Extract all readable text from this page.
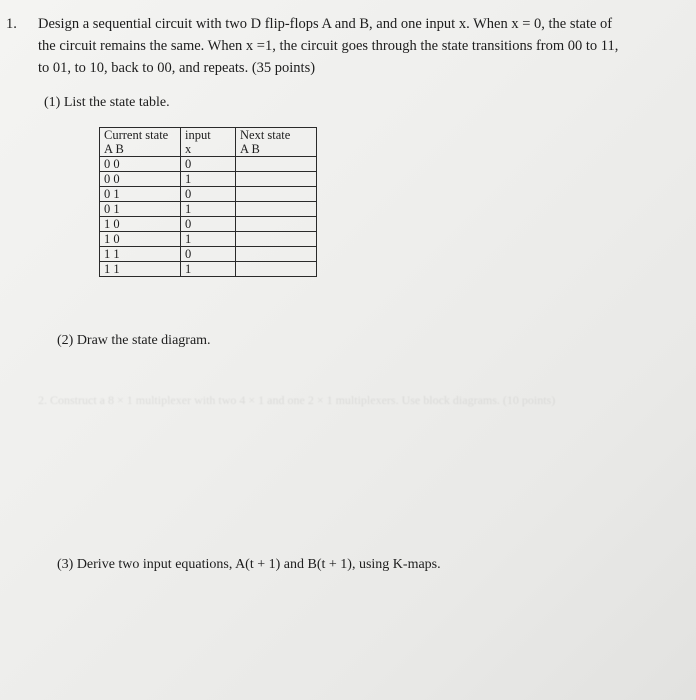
1. Design a sequential circuit with two D flip-flops A and B, and one input x. When x = 0, the state of
the circuit remains the same. When x =1, the circuit goes through the state transitions from 00 to 11,
to 01, to 10, back to 00, and repeats. (35 points)
(1) List the state table.
Current state	input	Next state
A B	x	A B
0 0	0	
0 0	1	
0 1	0	
0 1	1	
1 0	0	
1 0	1	
1 1	0	
1 1	1	
(2) Draw the state diagram.
2. Construct a 8 × 1 multiplexer with two 4 × 1 and one 2 × 1 multiplexers. Use block diagrams. (10 points)
(3) Derive two input equations, A(t + 1) and B(t + 1), using K-maps.
